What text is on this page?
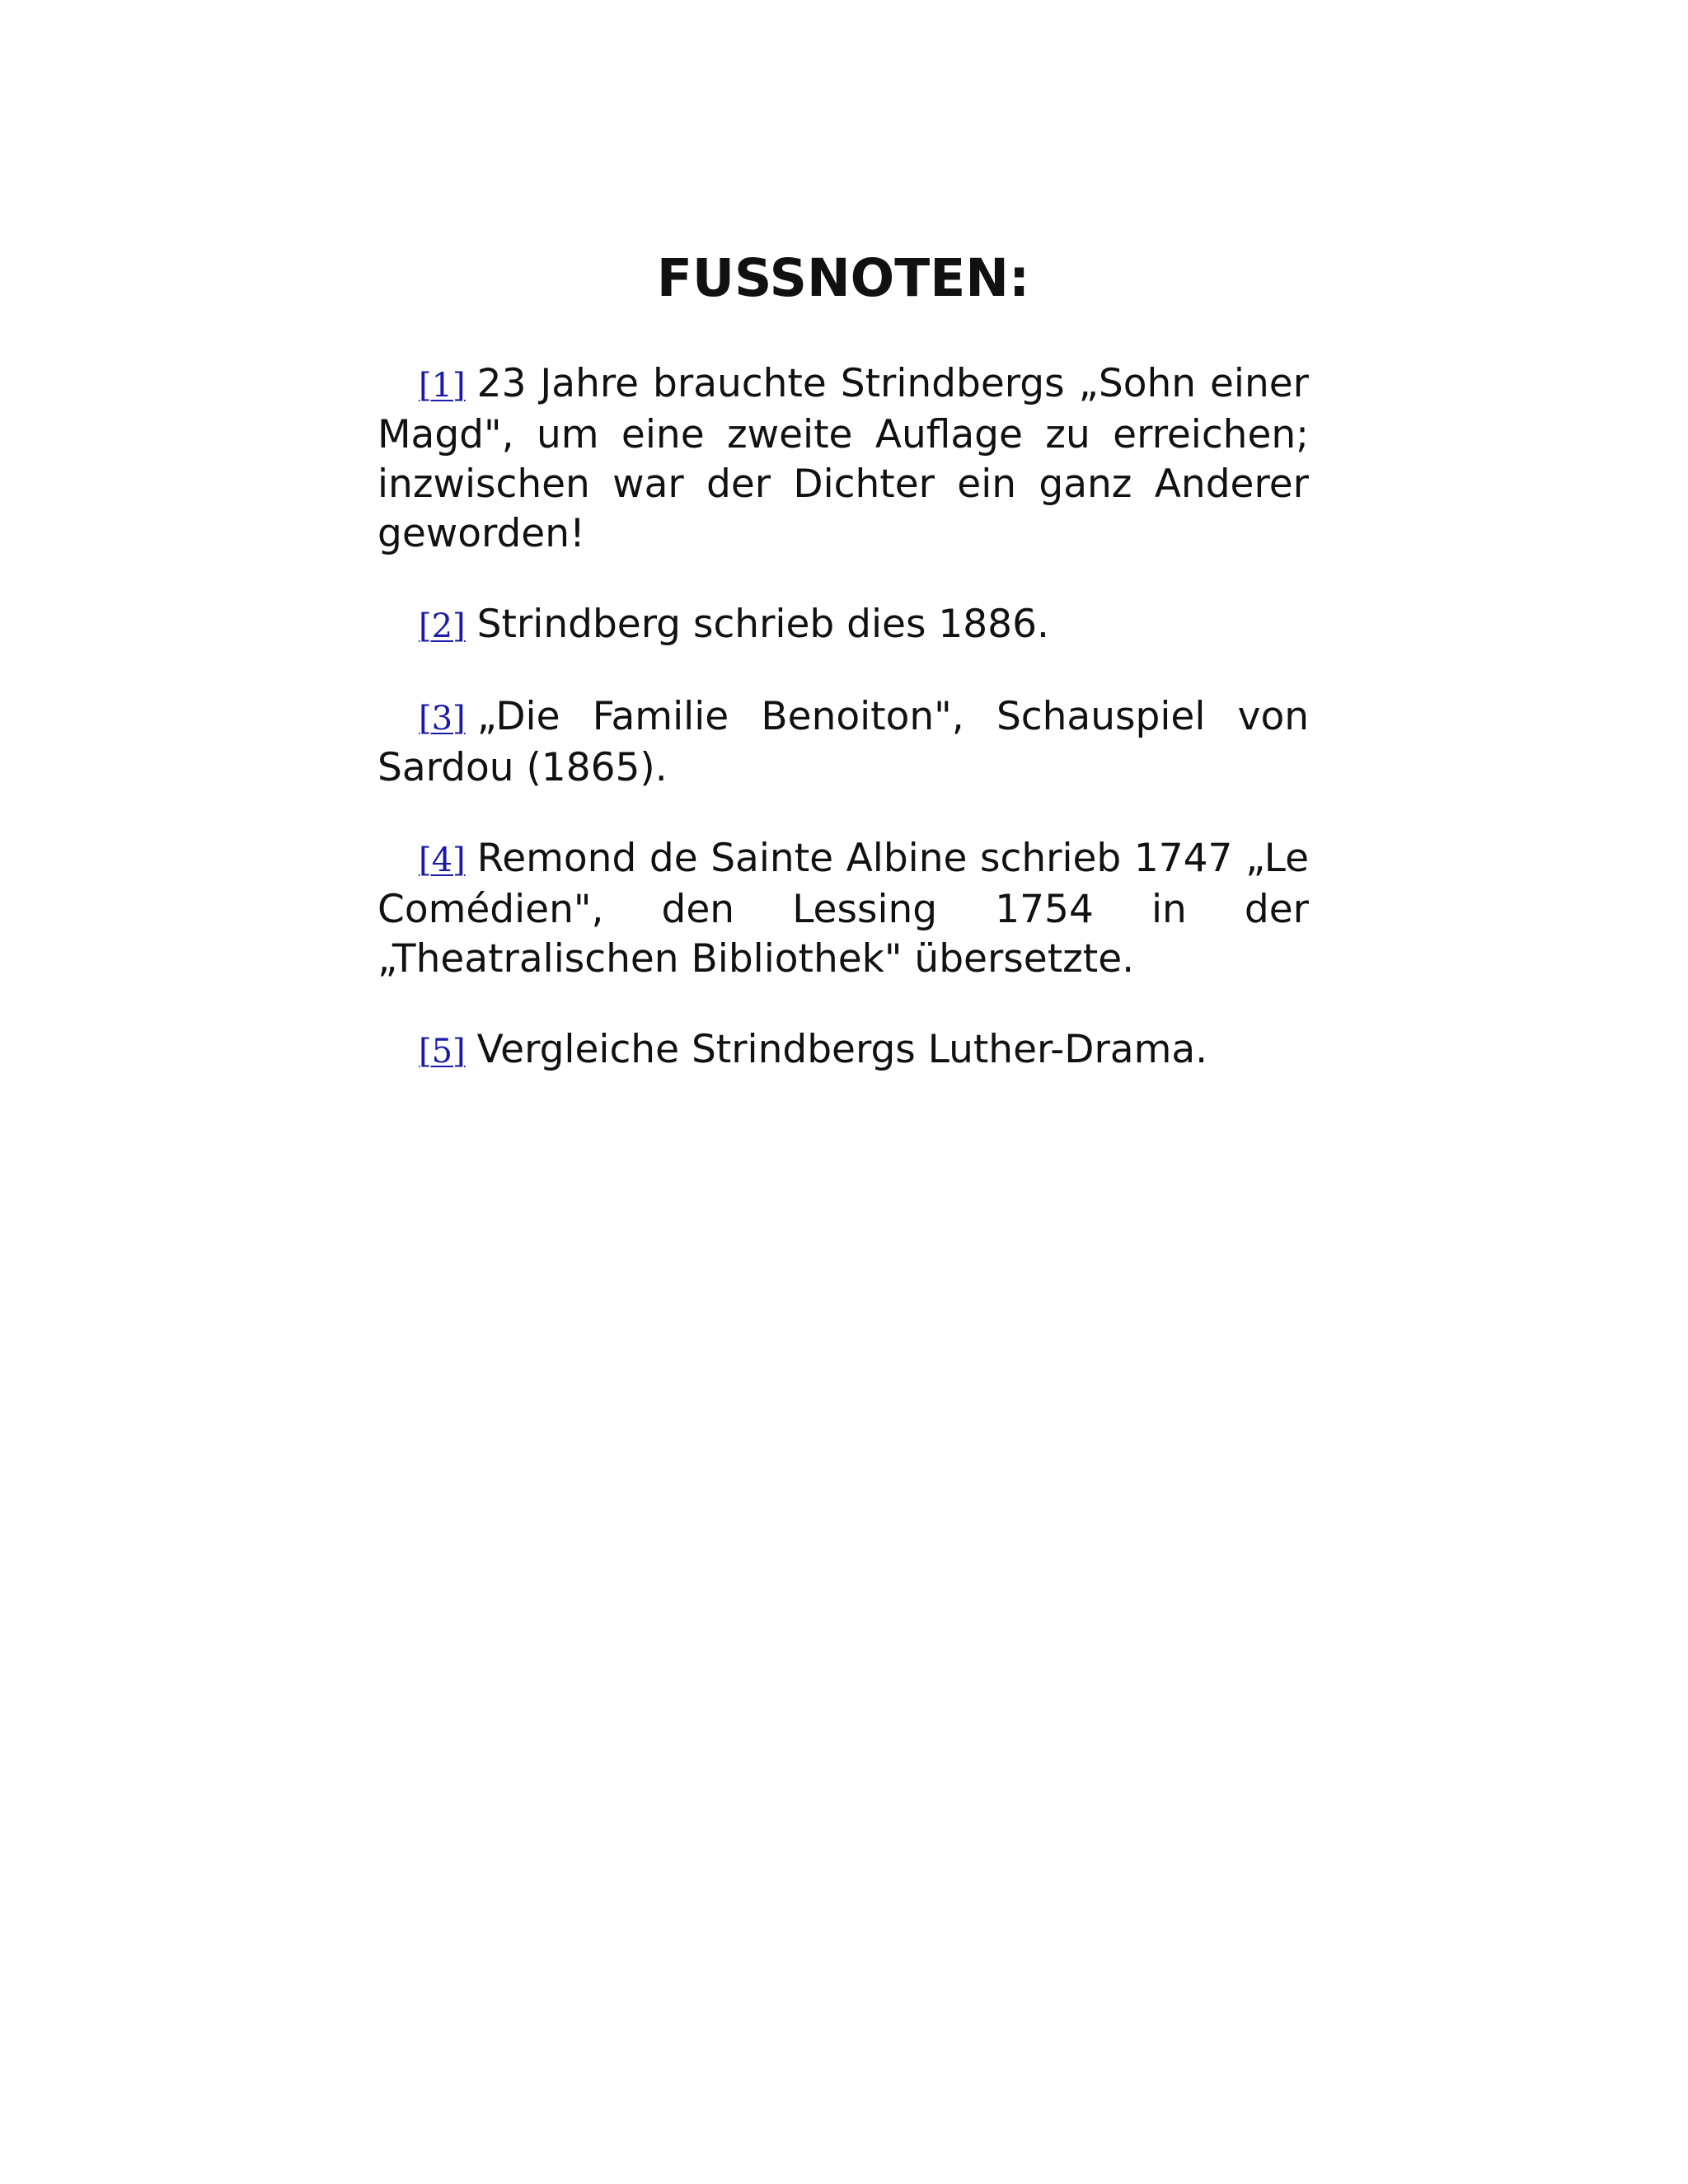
FUSSNOTEN:

[1] 23 Jahre brauchte Strindbergs „Sohn einer Magd", um eine zweite Auflage zu erreichen; inzwischen war der Dichter ein ganz Anderer geworden!

[2] Strindberg schrieb dies 1886.

[3] „Die Familie Benoiton", Schauspiel von Sardou (1865).

[4] Remond de Sainte Albine schrieb 1747 „Le Comédien", den Lessing 1754 in der „Theatralischen Bibliothek" übersetzte.

[5] Vergleiche Strindbergs Luther-Drama.
